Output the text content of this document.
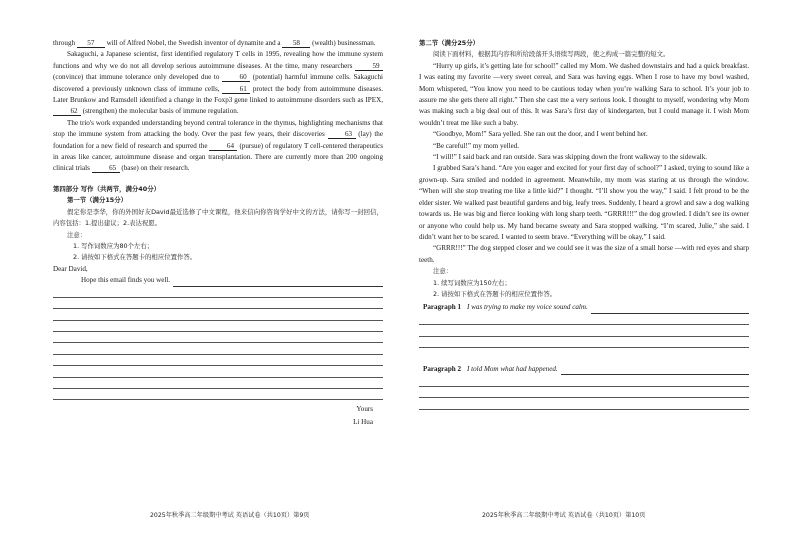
through 57 will of Alfred Nobel, the Swedish inventor of dynamite and a 58 (wealth) businessman.

Sakaguchi, a Japanese scientist, first identified regulatory T cells in 1995, revealing how the immune system functions and why we do not all develop serious autoimmune diseases. At the time, many researchers 59 (convince) that immune tolerance only developed due to 60 (potential) harmful immune cells. Sakaguchi discovered a previously unknown class of immune cells, 61 protect the body from autoimmune diseases. Later Brunkow and Ramsdell identified a change in the Foxp3 gene linked to autoimmune disorders such as IPEX, 62 (strengthen) the molecular basis of immune regulation.

The trio's work expanded understanding beyond central tolerance in the thymus, highlighting mechanisms that stop the immune system from attacking the body. Over the past few years, their discoveries 63 (lay) the foundation for a new field of research and spurred the 64 (pursue) of regulatory T cell-centered therapeutics in areas like cancer, autoimmune disease and organ transplantation. There are currently more than 200 ongoing clinical trials 65 (base) on their research.

第四部分 写作（共两节，满分40分）

第一节（满分15分）

假定你是李华，你的外国好友David最近选修了中文课程，他来信向你咨询学好中文的方法，请你写一封回信，内容包括：1.提出建议；2.表达祝愿。

注意：

1. 写作词数应为80个左右；

2. 请按如下格式在答题卡的相应位置作答。

Dear David,

Hope this email finds you well.

Yours

Li Hua

第二节（满分25分）

阅读下面材料，根据其内容和所给段落开头语续写两段，使之构成一篇完整的短文。

“Hurry up girls, it’s getting late for school!” called my Mom. We dashed downstairs and had a quick breakfast. I was eating my favorite —very sweet cereal, and Sara was having eggs. When I rose to have my bowl washed, Mom whispered, “You know you need to be cautious today when you’re walking Sara to school. It’s your job to assure me she gets there all right.” Then she cast me a very serious look. I thought to myself, wondering why Mom was making such a big deal out of this. It was Sara’s first day of kindergarten, but I could manage it. I wish Mom wouldn’t treat me like such a baby.

“Goodbye, Mom!” Sara yelled. She ran out the door, and I went behind her.

“Be careful!” my mom yelled.

“I will!” I said back and ran outside. Sara was skipping down the front walkway to the sidewalk.

I grabbed Sara’s hand. “Are you eager and excited for your first day of school?” I asked, trying to sound like a grown-up. Sara smiled and nodded in agreement. Meanwhile, my mom was staring at us through the window. “When will she stop treating me like a little kid?” I thought. “I’ll show you the way,” I said. I felt proud to be the elder sister. We walked past beautiful gardens and big, leafy trees. Suddenly, I heard a growl and saw a dog walking towards us. He was big and fierce looking with long sharp teeth. “GRRR!!!” the dog growled. I didn’t see its owner or anyone who could help us. My hand became sweaty and Sara stopped walking. “I’m scared, Julie,” she said. I didn’t want her to be scared. I wanted to seem brave. “Everything will be okay,” I said.

“GRRR!!!” The dog stepped closer and we could see it was the size of a small horse —with red eyes and sharp teeth.

注意：

1. 续写词数应为150左右；

2. 请按如下格式在答题卡的相应位置作答。

Paragraph 1 I was trying to make my voice sound calm.
Paragraph 2 I told Mom what had happened.
2025年秋季高二年级期中考试 英语试卷（共10页）第9页	2025年秋季高二年级期中考试 英语试卷（共10页）第10页
